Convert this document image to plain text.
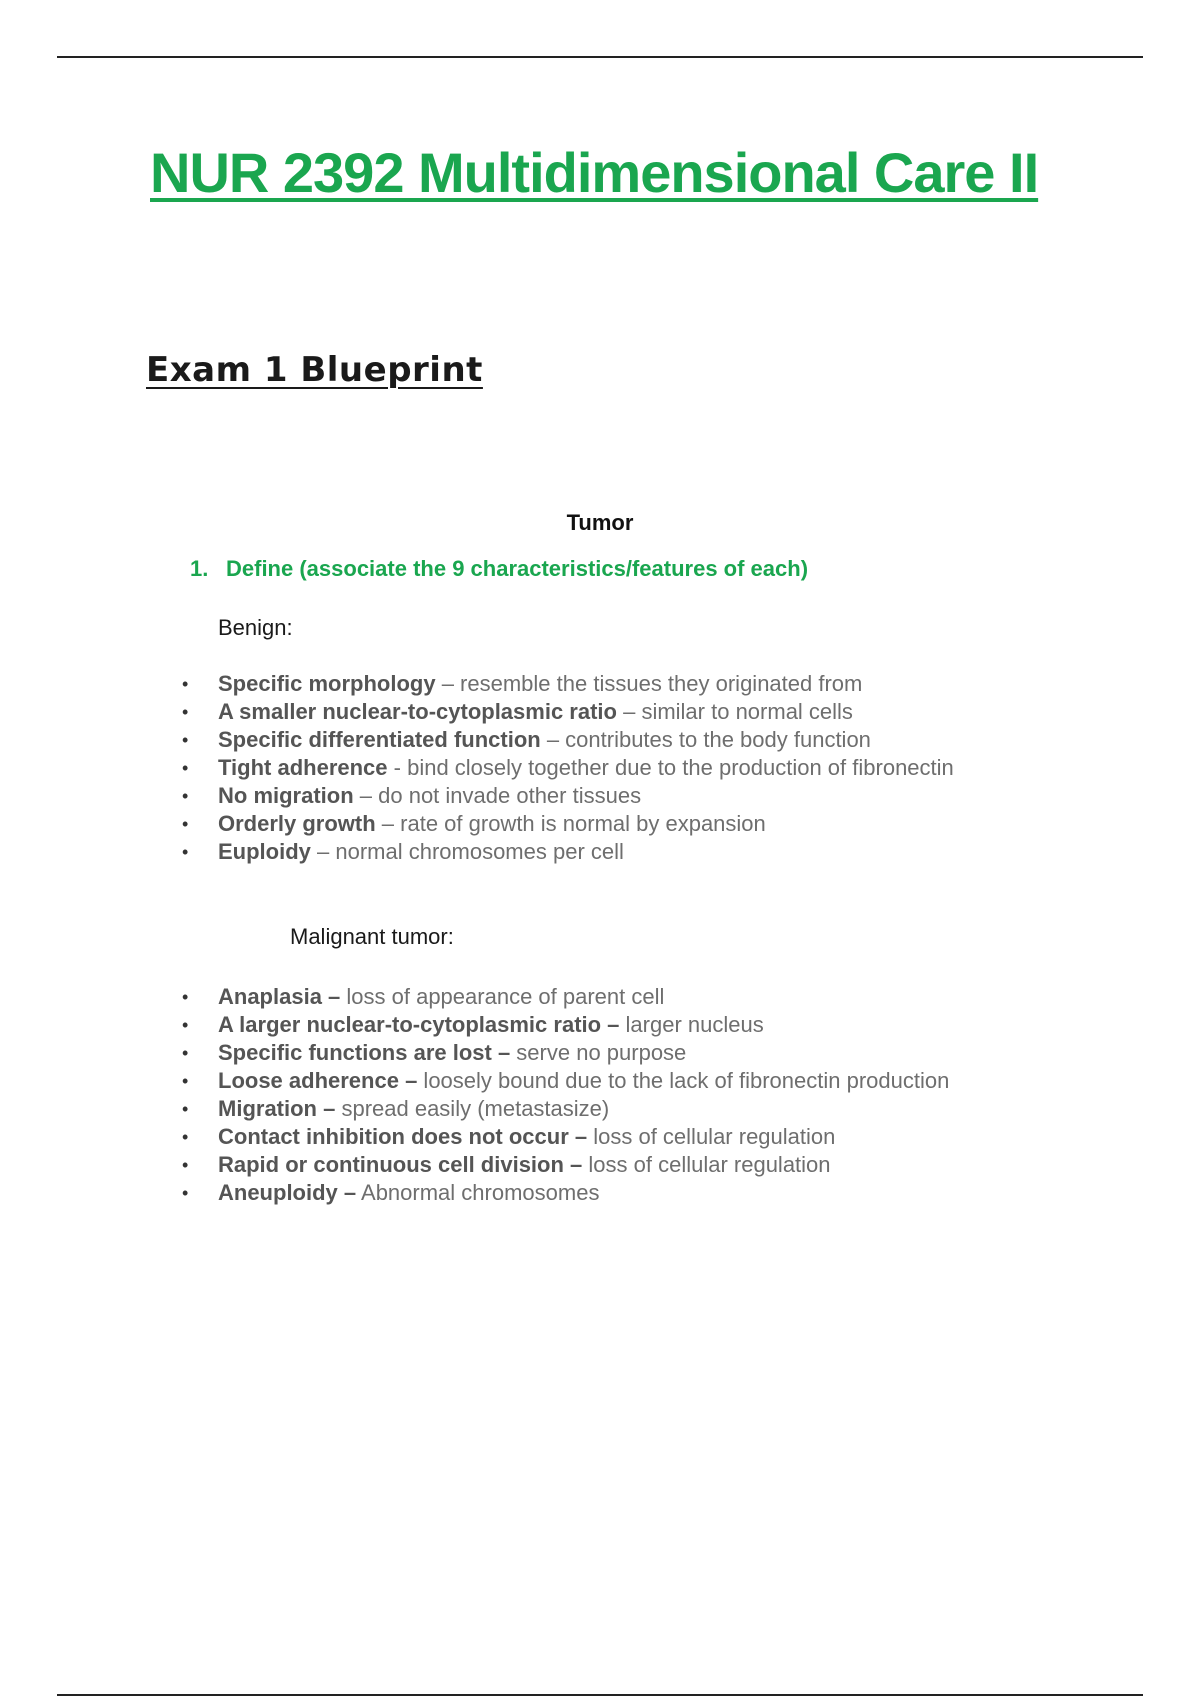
NUR 2392 Multidimensional Care II
Exam 1 Blueprint

Tumor

1. Define (associate the 9 characteristics/features of each)

Benign:

• Specific morphology – resemble the tissues they originated from
• A smaller nuclear-to-cytoplasmic ratio – similar to normal cells
• Specific differentiated function – contributes to the body function
• Tight adherence - bind closely together due to the production of fibronectin
• No migration – do not invade other tissues
• Orderly growth – rate of growth is normal by expansion
• Euploidy – normal chromosomes per cell

Malignant tumor:

• Anaplasia – loss of appearance of parent cell
• A larger nuclear-to-cytoplasmic ratio – larger nucleus
• Specific functions are lost – serve no purpose
• Loose adherence – loosely bound due to the lack of fibronectin production
• Migration – spread easily (metastasize)
• Contact inhibition does not occur – loss of cellular regulation
• Rapid or continuous cell division – loss of cellular regulation
• Aneuploidy – Abnormal chromosomes
